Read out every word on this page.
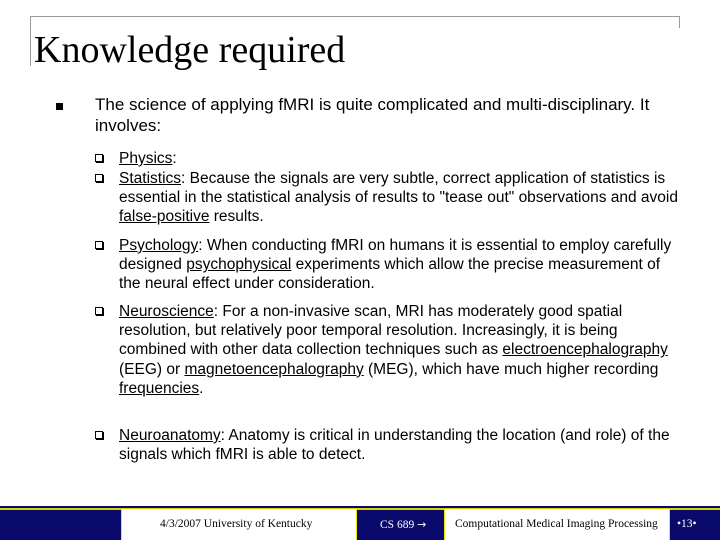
Knowledge required

The science of applying fMRI is quite complicated and multi-disciplinary. It involves:

Physics:
Statistics: Because the signals are very subtle, correct application of statistics is essential in the statistical analysis of results to "tease out" observations and avoid false-positive results.
Psychology: When conducting fMRI on humans it is essential to employ carefully designed psychophysical experiments which allow the precise measurement of the neural effect under consideration.
Neuroscience: For a non-invasive scan, MRI has moderately good spatial resolution, but relatively poor temporal resolution. Increasingly, it is being combined with other data collection techniques such as electroencephalography (EEG) or magnetoencephalography (MEG), which have much higher recording frequencies.
Neuroanatomy: Anatomy is critical in understanding the location (and role) of the signals which fMRI is able to detect.
4/3/2007 University of Kentucky	CS 689 → Computational Medical Imaging Processing •13•
